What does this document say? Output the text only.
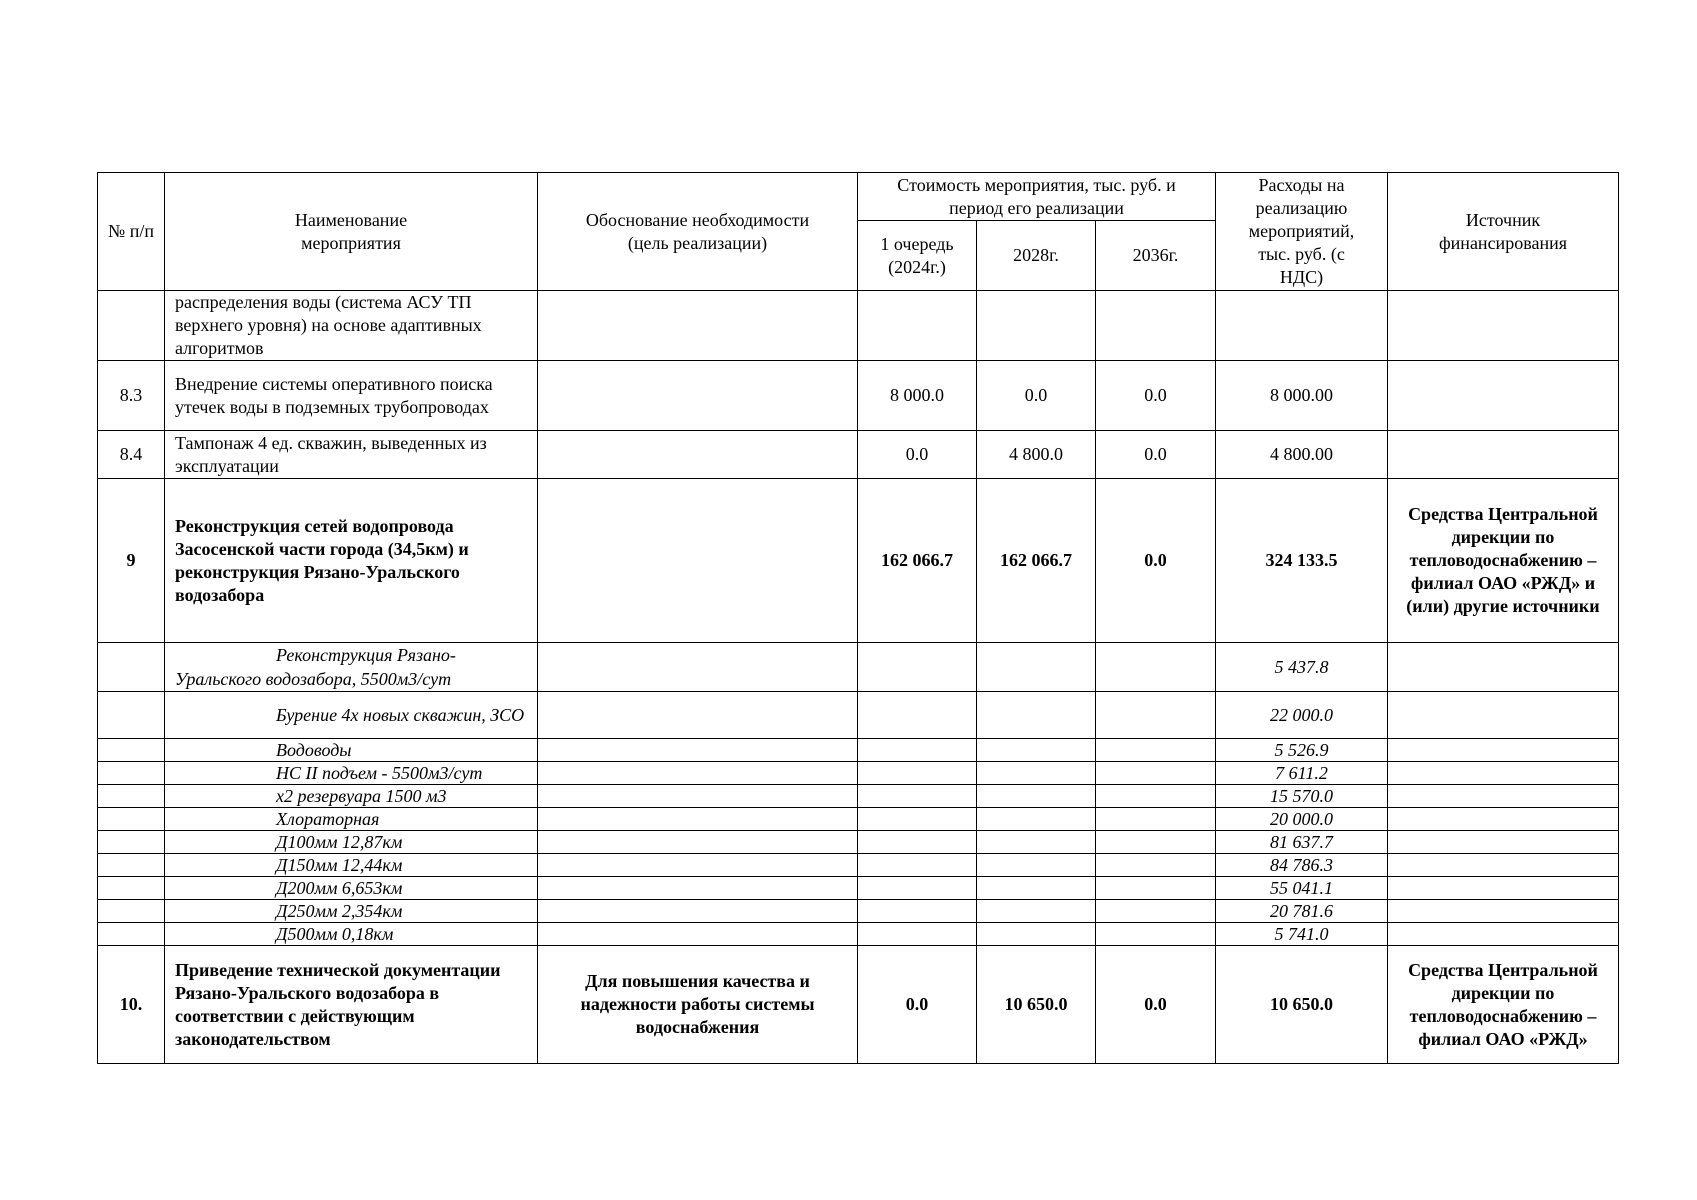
№ п/п	Наименование мероприятия	Обоснование необходимости (цель реализации)	Стоимость мероприятия, тыс. руб. и период его реализации			Расходы на реализацию мероприятий, тыс. руб. (с НДС)	Источник финансирования
			1 очередь (2024г.)	2028г.	2036г.		
	распределения воды (система АСУ ТП верхнего уровня) на основе адаптивных алгоритмов						
8.3	Внедрение системы оперативного поиска утечек воды в подземных трубопроводах		8 000.0	0.0	0.0	8 000.00	
8.4	Тампонаж 4 ед. скважин, выведенных из эксплуатации		0.0	4 800.0	0.0	4 800.00	
9	Реконструкция сетей водопровода Засосенской части города (34,5км) и реконструкция Рязано-Уральского водозабора		162 066.7	162 066.7	0.0	324 133.5	Средства Центральной дирекции по тепловодоснабжению – филиал ОАО «РЖД» и (или) другие источники
	Реконструкция Рязано-Уральского водозабора, 5500м3/сут					5 437.8	
	Бурение 4х новых скважин, ЗСО					22 000.0	
	Водоводы					5 526.9	
	НС II подъем - 5500м3/сут					7 611.2	
	х2 резервуара 1500 м3					15 570.0	
	Хлораторная					20 000.0	
	Д100мм 12,87км					81 637.7	
	Д150мм 12,44км					84 786.3	
	Д200мм 6,653км					55 041.1	
	Д250мм 2,354км					20 781.6	
	Д500мм 0,18км					5 741.0	
10.	Приведение технической документации Рязано-Уральского водозабора в соответствии с действующим законодательством	Для повышения качества и надежности работы системы водоснабжения	0.0	10 650.0	0.0	10 650.0	Средства Центральной дирекции по тепловодоснабжению – филиал ОАО «РЖД»
